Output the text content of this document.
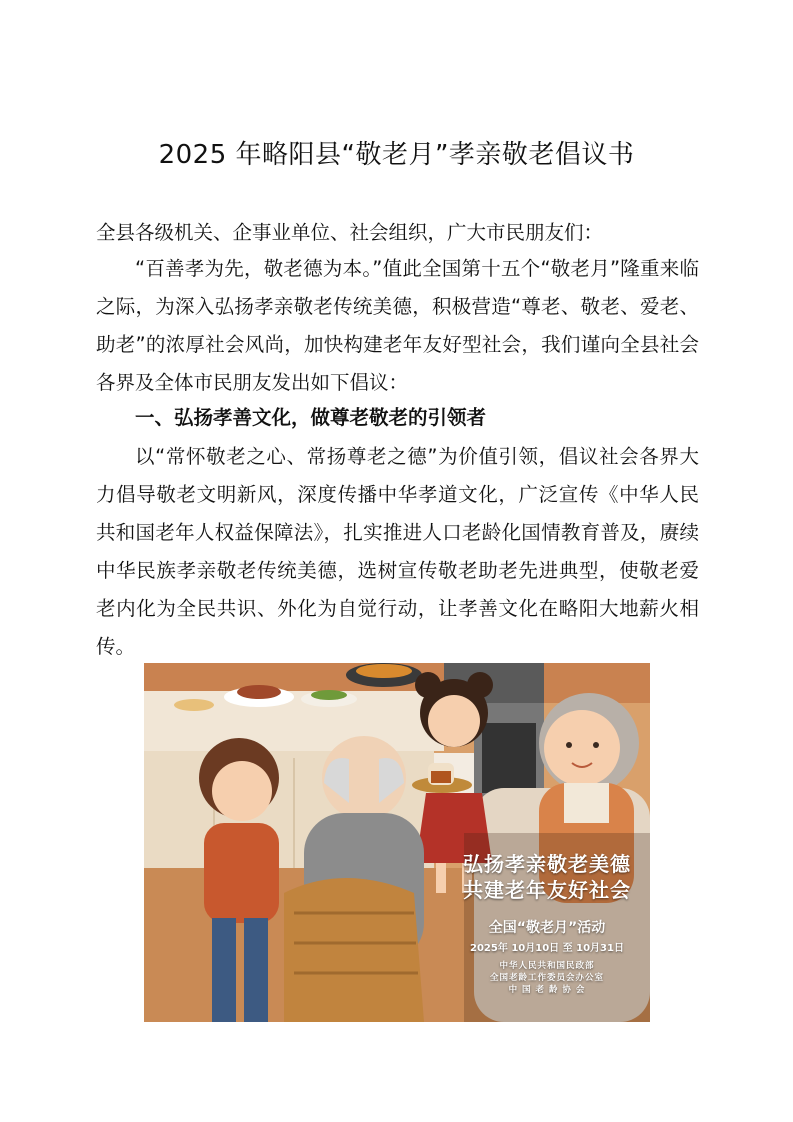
2025 年略阳县“敬老月”孝亲敬老倡议书

全县各级机关、企事业单位、社会组织，广大市民朋友们：

“百善孝为先，敬老德为本。”值此全国第十五个“敬老月”隆重来临之际，为深入弘扬孝亲敬老传统美德，积极营造“尊老、敬老、爱老、助老”的浓厚社会风尚，加快构建老年友好型社会，我们谨向全县社会各界及全体市民朋友发出如下倡议：

一、弘扬孝善文化，做尊老敬老的引领者

以“常怀敬老之心、常扬尊老之德”为价值引领，倡议社会各界大力倡导敬老文明新风，深度传播中华孝道文化，广泛宣传《中华人民共和国老年人权益保障法》，扎实推进人口老龄化国情教育普及，赓续中华民族孝亲敬老传统美德，选树宣传敬老助老先进典型，使敬老爱老内化为全民共识、外化为自觉行动，让孝善文化在略阳大地薪火相传。

弘扬孝亲敬老美德
共建老年友好社会
全国“敬老月”活动
2025年 10月10日 至 10月31日
中华人民共和国民政部
全国老龄工作委员会办公室
中 国 老 龄 协 会
